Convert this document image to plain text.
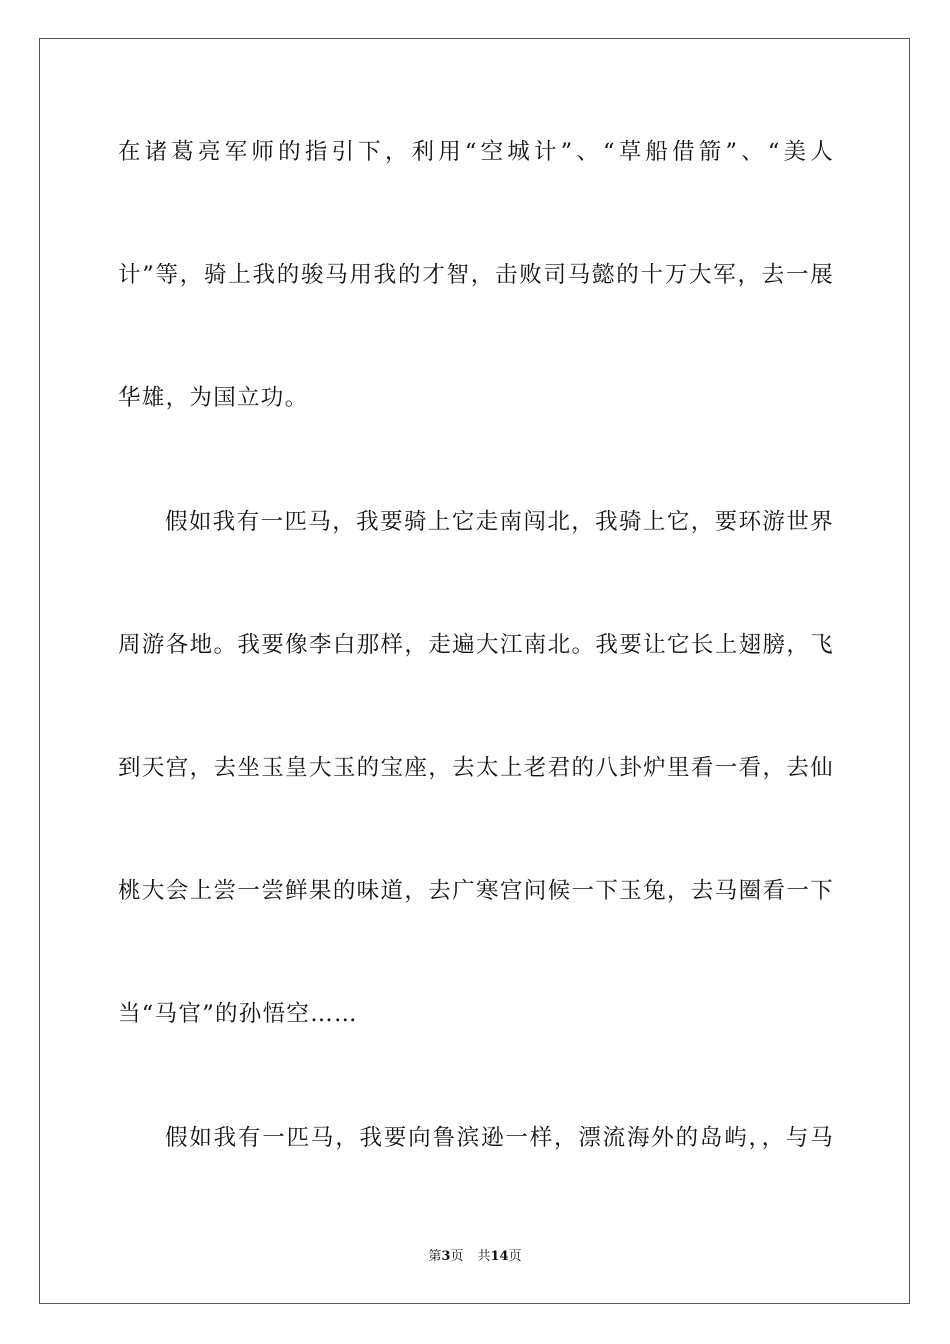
在诸葛亮军师的指引下，利用“空城计”、“草船借箭”、“美人
计”等，骑上我的骏马用我的才智，击败司马懿的十万大军，去一展
华雄，为国立功。
假如我有一匹马，我要骑上它走南闯北，我骑上它，要环游世界
周游各地。我要像李白那样，走遍大江南北。我要让它长上翅膀，飞
到天宫，去坐玉皇大玉的宝座，去太上老君的八卦炉里看一看，去仙
桃大会上尝一尝鲜果的味道，去广寒宫问候一下玉兔，去马圈看一下
当“马官”的孙悟空……
假如我有一匹马，我要向鲁滨逊一样，漂流海外的岛屿，，与马
第3页 共14页
